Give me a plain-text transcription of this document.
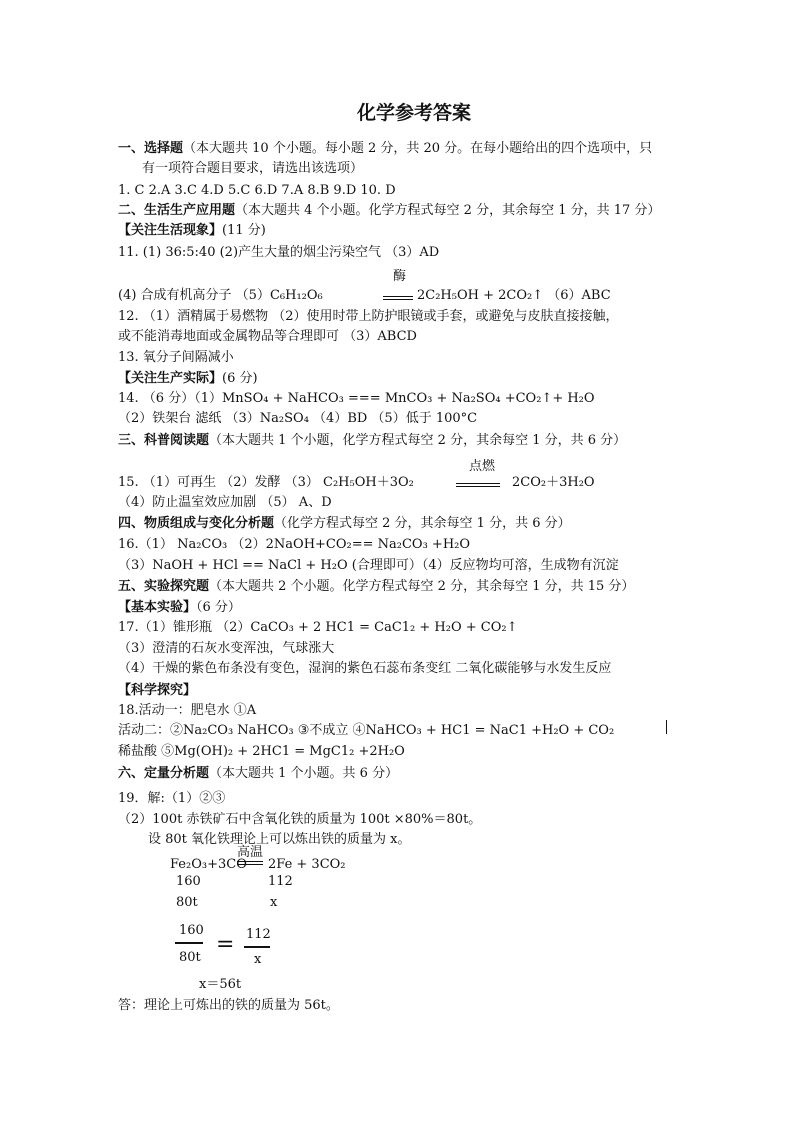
化学参考答案
一、选择题（本大题共 10 个小题。每小题 2 分，共 20 分。在每小题给出的四个选项中，只
有一项符合题目要求，请选出该选项）
1. C 2.A 3.C 4.D 5.C 6.D 7.A 8.B 9.D 10. D
二、生活生产应用题（本大题共 4 个小题。化学方程式每空 2 分，其余每空 1 分，共 17 分）
【关注生活现象】(11 分)
11. (1) 36:5:40 (2)产生大量的烟尘污染空气 （3）AD
酶
(4) 合成有机高分子 （5）C₆H₁₂O₆	2C₂H₅OH + 2CO₂↑ （6）ABC
12. （1）酒精属于易燃物 （2）使用时带上防护眼镜或手套，或避免与皮肤直接接触，
或不能消毒地面或金属物品等合理即可 （3）ABCD
13. 氧分子间隔减小
【关注生产实际】(6 分)
14. （6 分）（1）MnSO₄ + NaHCO₃ === MnCO₃ + Na₂SO₄ +CO₂↑+ H₂O
（2）铁架台 滤纸 （3）Na₂SO₄ （4）BD （5）低于 100°C
三、科普阅读题（本大题共 1 个小题，化学方程式每空 2 分，其余每空 1 分，共 6 分）
点燃
15. （1）可再生 （2）发酵 （3） C₂H₅OH＋3O₂	2CO₂＋3H₂O
（4）防止温室效应加剧 （5） A、D
四、物质组成与变化分析题（化学方程式每空 2 分，其余每空 1 分，共 6 分）
16.（1） Na₂CO₃ （2）2NaOH+CO₂== Na₂CO₃ +H₂O
（3）NaOH + HCl == NaCl + H₂O (合理即可）（4）反应物均可溶，生成物有沉淀
五、实验探究题（本大题共 2 个小题。化学方程式每空 2 分，其余每空 1 分，共 15 分）
【基本实验】（6 分）
17.（1）锥形瓶 （2）CaCO₃ + 2 HC1 = CaC1₂ + H₂O + CO₂↑
（3）澄清的石灰水变浑浊，气球涨大
（4）干燥的紫色布条没有变色，湿润的紫色石蕊布条变红 二氧化碳能够与水发生反应
【科学探究】
18.活动一：肥皂水 ①A
活动二：②Na₂CO₃ NaHCO₃ ③不成立 ④NaHCO₃ + HC1 = NaC1 +H₂O + CO₂
稀盐酸 ⑤Mg(OH)₂ + 2HC1 = MgC1₂ +2H₂O
六、定量分析题（本大题共 1 个小题。共 6 分）
19．解:（1）②③
（2）100t 赤铁矿石中含氧化铁的质量为 100t ×80%＝80t。
设 80t 氧化铁理论上可以炼出铁的质量为 x。
高温
Fe₂O₃+3CO 2Fe + 3CO₂
160	112
80t	x
160
80t
= 112
x
x＝56t
答：理论上可炼出的铁的质量为 56t。
